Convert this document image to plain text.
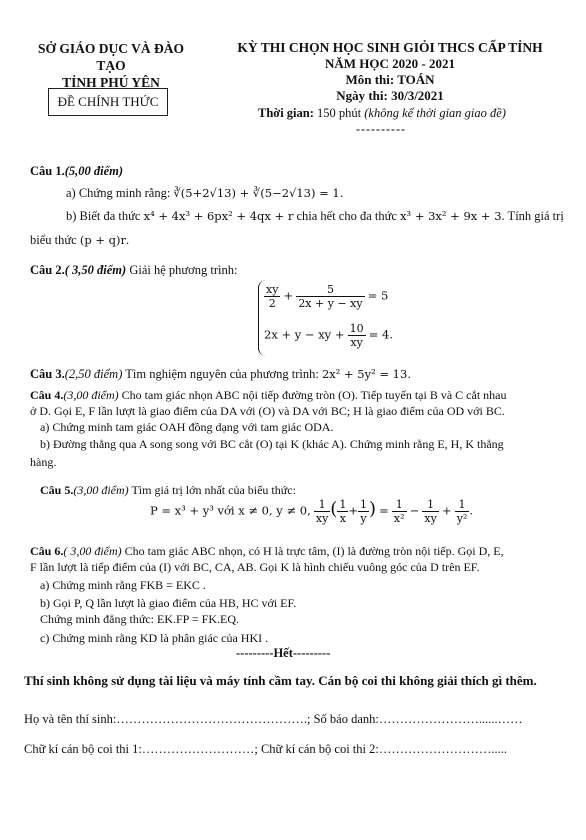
SỞ GIÁO DỤC VÀ ĐÀO TẠO
TỈNH PHÚ YÊN
ĐỀ CHÍNH THỨC
KỲ THI CHỌN HỌC SINH GIỎI THCS CẤP TỈNH
NĂM HỌC 2020 - 2021
Môn thi: TOÁN
Ngày thi: 30/3/2021
Thời gian: 150 phút (không kể thời gian giao đề)
----------
Câu 1.(5,00 điểm)
a) Chứng minh rằng: ∛(5+2√13) + ∛(5−2√13) = 1.
b) Biết đa thức x⁴ + 4x³ + 6px² + 4qx + r chia hết cho đa thức x³ + 3x² + 9x + 3. Tính giá trị
biểu thức (p + q)r.
Câu 2.( 3,50 điểm) Giải hệ phương trình:
$\frac{xy}{2} + \frac{5}{2x + y - xy} = 5$
2x + y − xy + $\frac{10}{xy} = 4$.
Câu 3.(2,50 điểm) Tìm nghiệm nguyên của phương trình: 2x² + 5y² = 13.
Câu 4.(3,00 điểm) Cho tam giác nhọn ABC nội tiếp đường tròn (O). Tiếp tuyến tại B và C cắt nhau
ở D. Gọi E, F lần lượt là giao điểm của DA với (O) và DA với BC; H là giao điểm của OD với BC.
a) Chứng minh tam giác OAH đồng dạng với tam giác ODA.
b) Đường thẳng qua A song song với BC cắt (O) tại K (khác A). Chứng minh rằng E, H, K thẳng
hàng.
Câu 5.(3,00 điểm) Tìm giá trị lớn nhất của biểu thức:
P = x³ + y³ với x ≠ 0, y ≠ 0, $\frac{1}{xy}$ ( $\frac{1}{x} + \frac{1}{y}$ ) = $\frac{1}{\text{x²}} - \frac{1}{xy} + \frac{1}{\text{y²}}$ .
Câu 6.( 3,00 điểm) Cho tam giác ABC nhọn, có H là trực tâm, (I) là đường tròn nội tiếp. Gọi D, E,
F lần lượt là tiếp điểm của (I) với BC, CA, AB. Gọi K là hình chiếu vuông góc của D trên EF.
a) Chứng minh rằng FKB = EKC .
b) Gọi P, Q lần lượt là giao điểm của HB, HC với EF.
Chứng minh đẳng thức: EK.FP = FK.EQ.
c) Chứng minh rằng KD là phân giác của HKI .
---------Hết---------
Thí sinh không sử dụng tài liệu và máy tính cầm tay. Cán bộ coi thi không giải thích gì thêm.
Họ và tên thí sinh:……………………………………….; Số báo danh:……………………......……
Chữ kí cán bộ coi thi 1:………………………; Chữ kí cán bộ coi thi 2:……………………….....
